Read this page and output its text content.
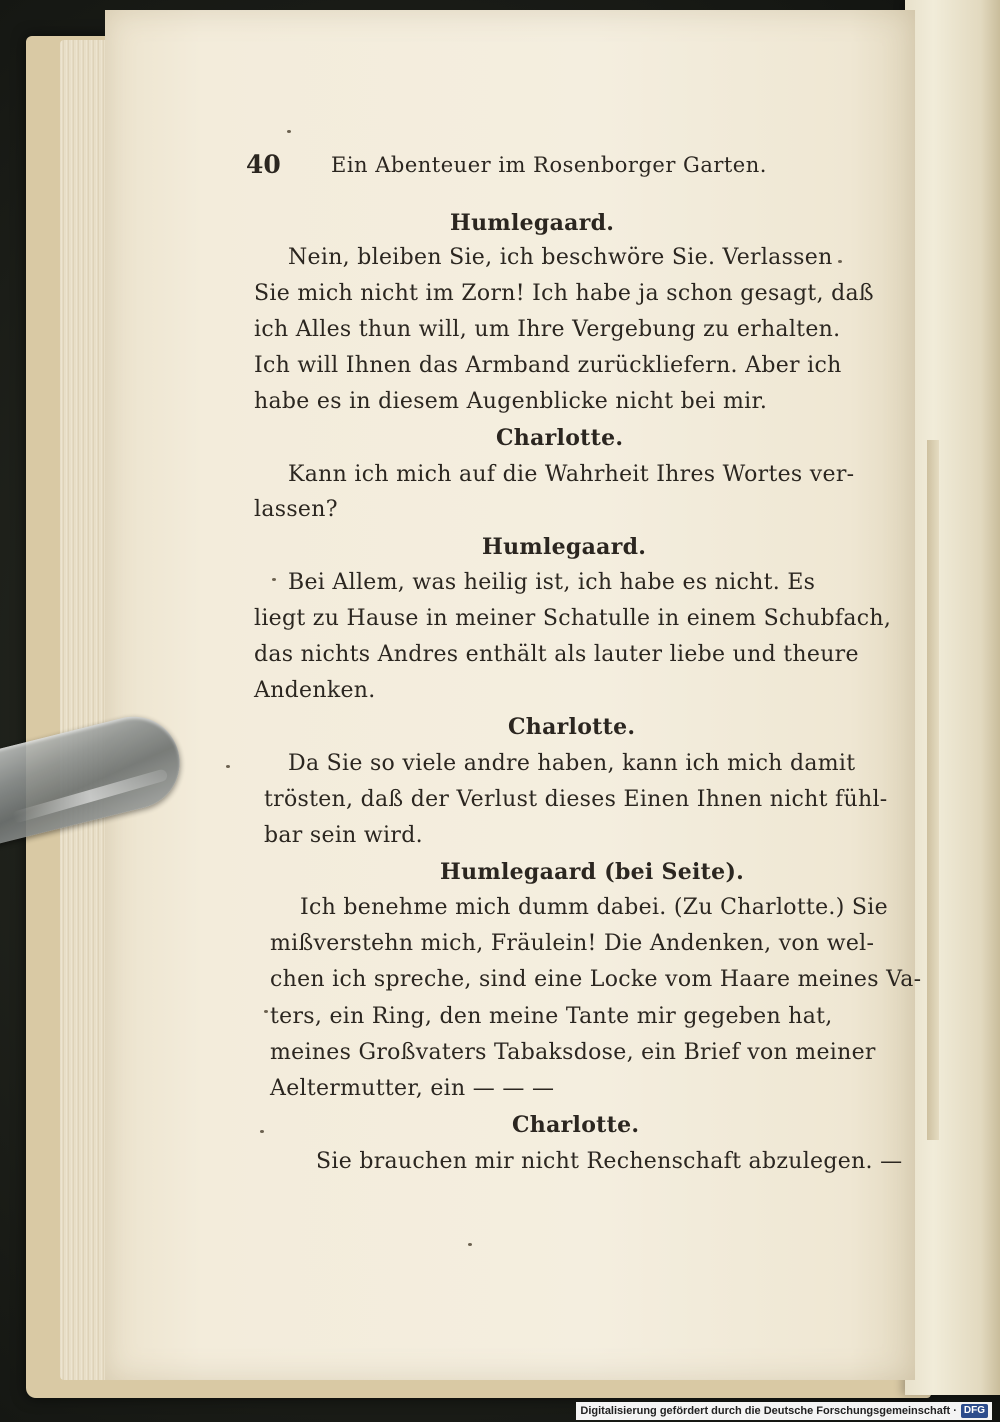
40 Ein Abenteuer im Rosenborger Garten.
Humlegaard.
Nein, bleiben Sie, ich beschwöre Sie. Verlassen
Sie mich nicht im Zorn! Ich habe ja schon gesagt, daß
ich Alles thun will, um Ihre Vergebung zu erhalten.
Ich will Ihnen das Armband zurückliefern. Aber ich
habe es in diesem Augenblicke nicht bei mir.
Charlotte.
Kann ich mich auf die Wahrheit Ihres Wortes ver-
lassen?
Humlegaard.
Bei Allem, was heilig ist, ich habe es nicht. Es
liegt zu Hause in meiner Schatulle in einem Schubfach,
das nichts Andres enthält als lauter liebe und theure
Andenken.
Charlotte.
Da Sie so viele andre haben, kann ich mich damit
trösten, daß der Verlust dieses Einen Ihnen nicht fühl-
bar sein wird.
Humlegaard (bei Seite).
Ich benehme mich dumm dabei. (Zu Charlotte.) Sie
mißverstehn mich, Fräulein! Die Andenken, von wel-
chen ich spreche, sind eine Locke vom Haare meines Va-
ters, ein Ring, den meine Tante mir gegeben hat,
meines Großvaters Tabaksdose, ein Brief von meiner
Aeltermutter, ein — — —
Charlotte.
Sie brauchen mir nicht Rechenschaft abzulegen. —
Digitalisierung gefördert durch die Deutsche Forschungsgemeinschaft · DFG
